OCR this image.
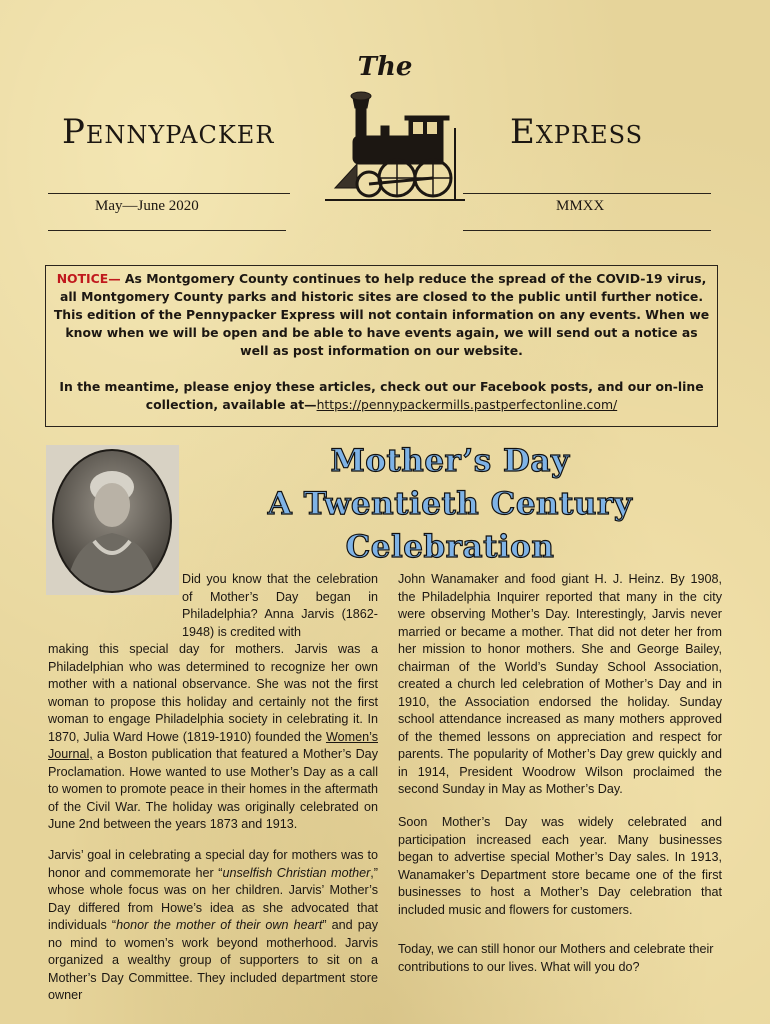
The
Pennypacker	Express
May—June 2020	MMXX

NOTICE— As Montgomery County continues to help reduce the spread of the COVID-19 virus, all Montgomery County parks and historic sites are closed to the public until further notice. This edition of the Pennypacker Express will not contain information on any events. When we know when we will be open and be able to have events again, we will send out a notice as well as post information on our website.

In the meantime, please enjoy these articles, check out our Facebook posts, and our on-line collection, available at—https://pennypackermills.pastperfectonline.com/

Mother’s Day
A Twentieth Century
Celebration
Did you know that the celebration of Mother’s Day began in Philadelphia? Anna Jarvis (1862-1948) is credited with

making this special day for mothers. Jarvis was a Philadelphian who was determined to recognize her own mother with a national observance. She was not the first woman to propose this holiday and certainly not the first woman to engage Philadelphia society in celebrating it. In 1870, Julia Ward Howe (1819-1910) founded the Women’s Journal, a Boston publication that featured a Mother’s Day Proclamation. Howe wanted to use Mother’s Day as a call to women to promote peace in their homes in the aftermath of the Civil War. The holiday was originally celebrated on June 2nd between the years 1873 and 1913.

Jarvis’ goal in celebrating a special day for mothers was to honor and commemorate her “unselfish Christian mother,” whose whole focus was on her children. Jarvis’ Mother’s Day differed from Howe’s idea as she advocated that individuals “honor the mother of their own heart” and pay no mind to women’s work beyond motherhood. Jarvis organized a wealthy group of supporters to sit on a Mother’s Day Committee. They included department store owner

John Wanamaker and food giant H. J. Heinz. By 1908, the Philadelphia Inquirer reported that many in the city were observing Mother’s Day. Interestingly, Jarvis never married or became a mother. That did not deter her from her mission to honor mothers. She and George Bailey, chairman of the World’s Sunday School Association, created a church led celebration of Mother’s Day and in 1910, the Association endorsed the holiday. Sunday school attendance increased as many mothers approved of the themed lessons on appreciation and respect for parents. The popularity of Mother’s Day grew quickly and in 1914, President Woodrow Wilson proclaimed the second Sunday in May as Mother’s Day.
Soon Mother’s Day was widely celebrated and participation increased each year. Many businesses began to advertise special Mother’s Day sales. In 1913, Wanamaker’s Department store became one of the first businesses to host a Mother’s Day celebration that included music and flowers for customers.
Today, we can still honor our Mothers and celebrate their contributions to our lives. What will you do?
